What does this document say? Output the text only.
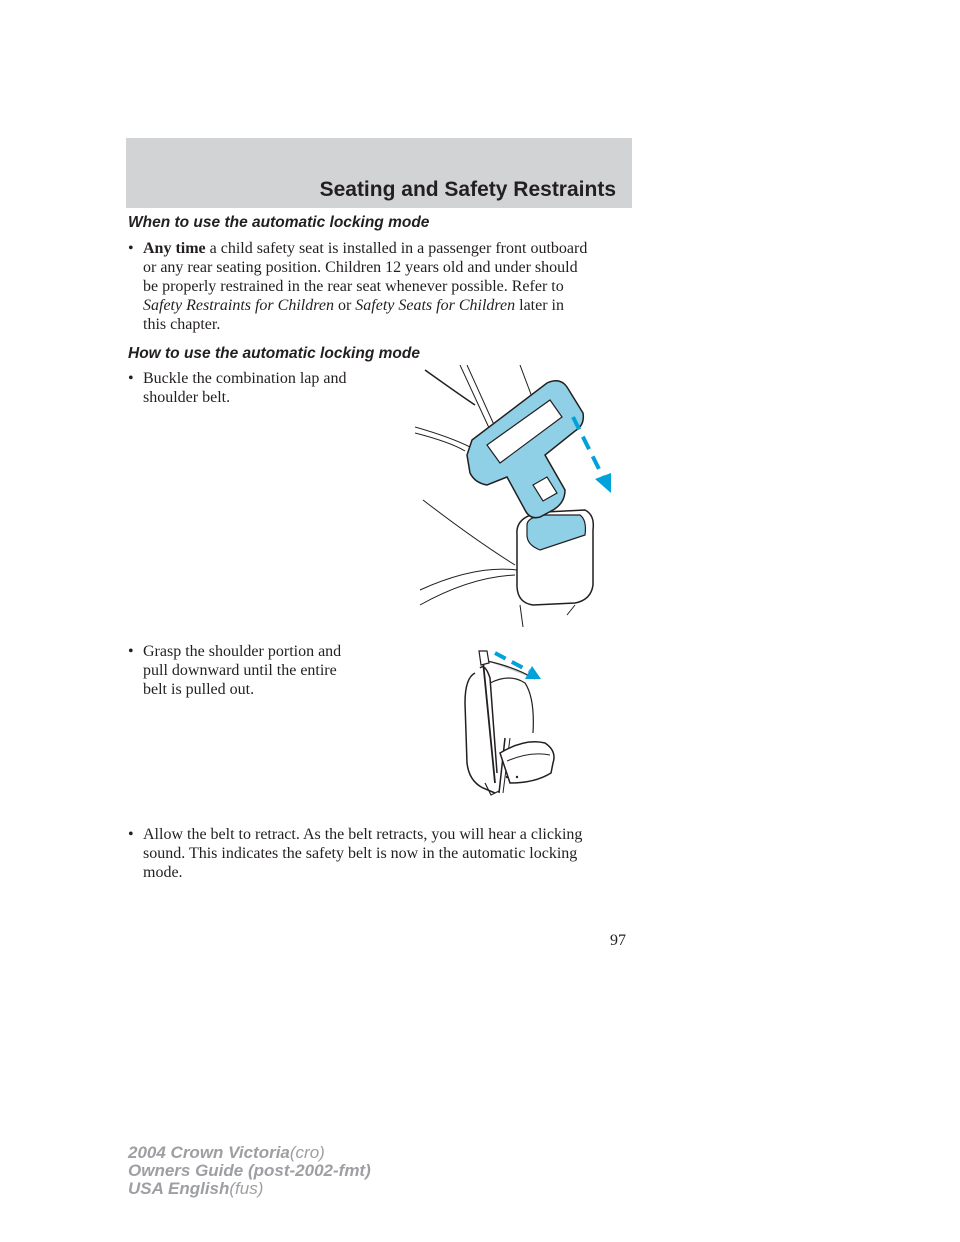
Seating and Safety Restraints
When to use the automatic locking mode
• Any time a child safety seat is installed in a passenger front outboard
or any rear seating position. Children 12 years old and under should
be properly restrained in the rear seat whenever possible. Refer to
Safety Restraints for Children or Safety Seats for Children later in
this chapter.
How to use the automatic locking mode
• Buckle the combination lap and
shoulder belt.
• Grasp the shoulder portion and
pull downward until the entire
belt is pulled out.
• Allow the belt to retract. As the belt retracts, you will hear a clicking
sound. This indicates the safety belt is now in the automatic locking
mode.
97
2004 Crown Victoria(cro)
Owners Guide (post-2002-fmt)
USA English(fus)
